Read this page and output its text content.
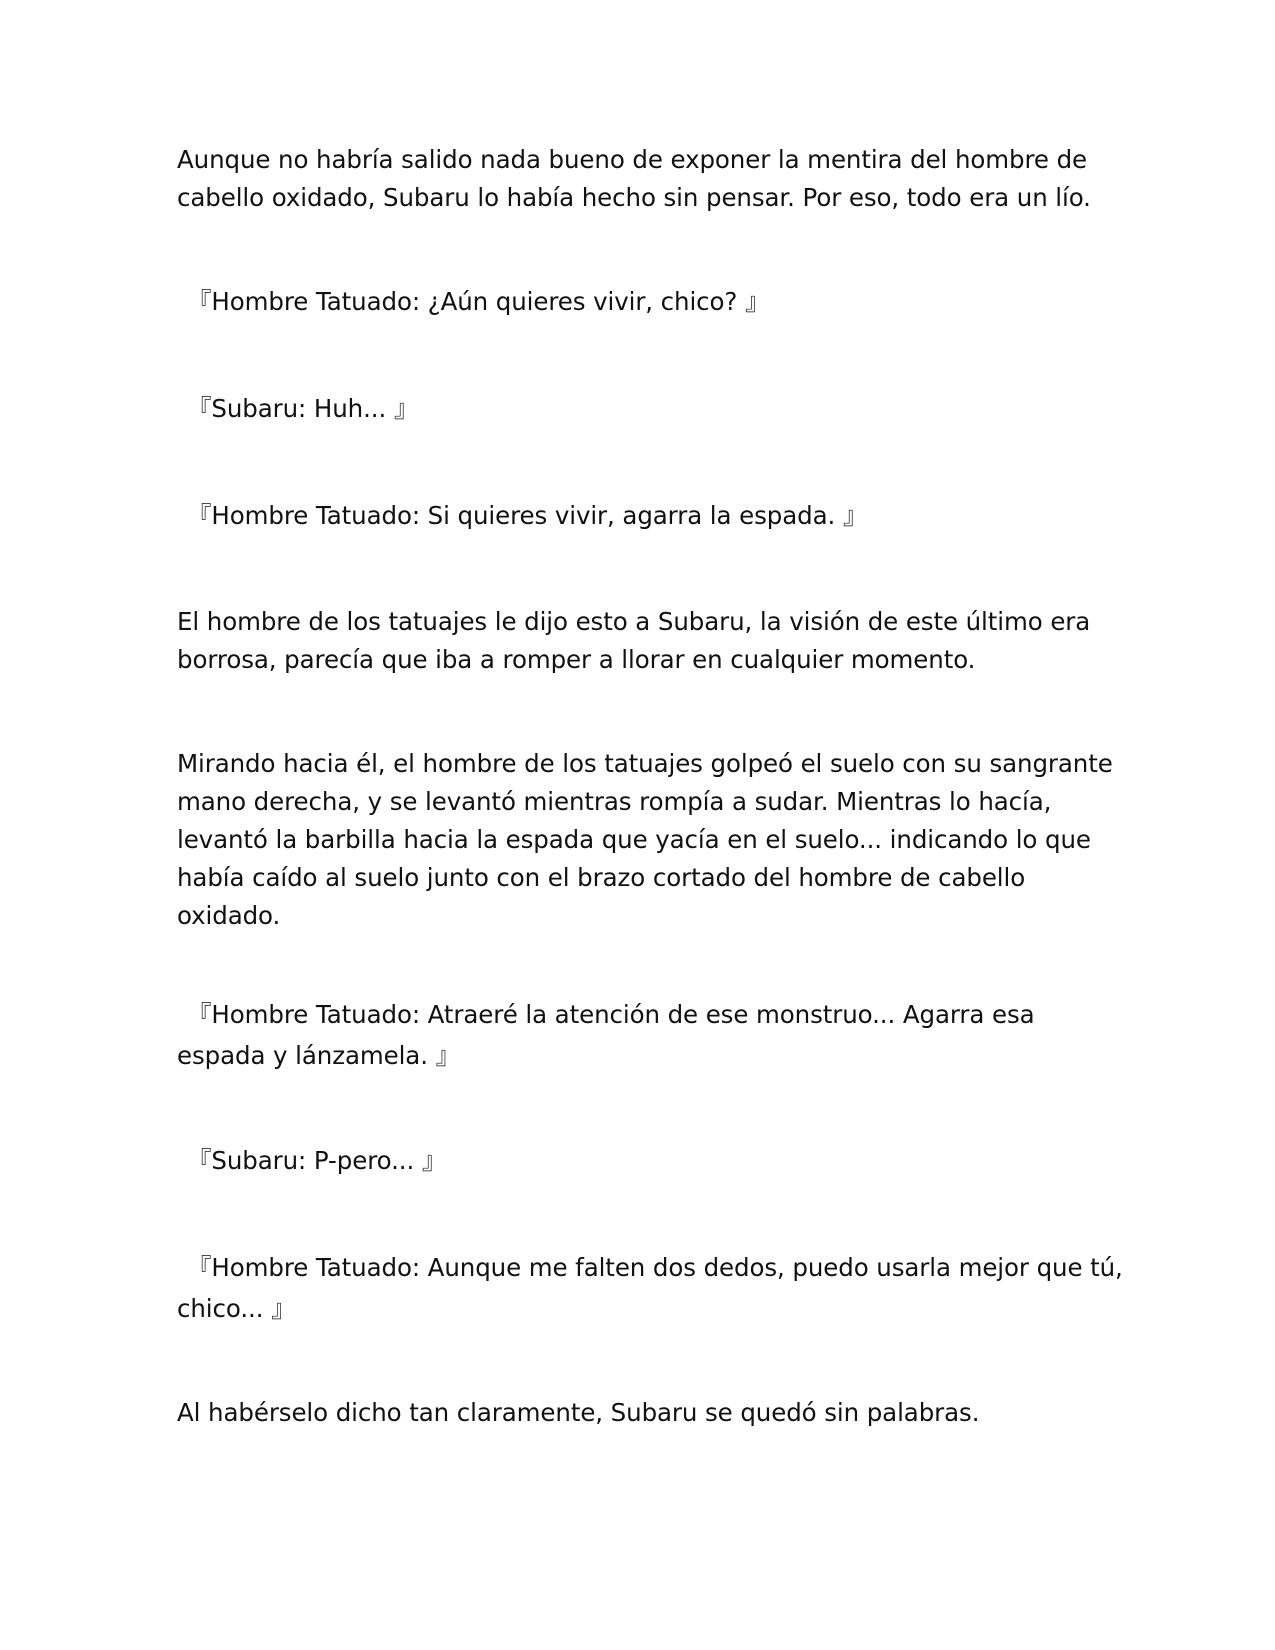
Aunque no habría salido nada bueno de exponer la mentira del hombre de
cabello oxidado, Subaru lo había hecho sin pensar. Por eso, todo era un lío.

『Hombre Tatuado: ¿Aún quieres vivir, chico? 』

『Subaru: Huh... 』

『Hombre Tatuado: Si quieres vivir, agarra la espada. 』

El hombre de los tatuajes le dijo esto a Subaru, la visión de este último era
borrosa, parecía que iba a romper a llorar en cualquier momento.

Mirando hacia él, el hombre de los tatuajes golpeó el suelo con su sangrante
mano derecha, y se levantó mientras rompía a sudar. Mientras lo hacía,
levantó la barbilla hacia la espada que yacía en el suelo... indicando lo que
había caído al suelo junto con el brazo cortado del hombre de cabello
oxidado.

『Hombre Tatuado: Atraeré la atención de ese monstruo... Agarra esa
espada y lánzamela. 』

『Subaru: P-pero... 』

『Hombre Tatuado: Aunque me falten dos dedos, puedo usarla mejor que tú,
chico... 』

Al habérselo dicho tan claramente, Subaru se quedó sin palabras.
